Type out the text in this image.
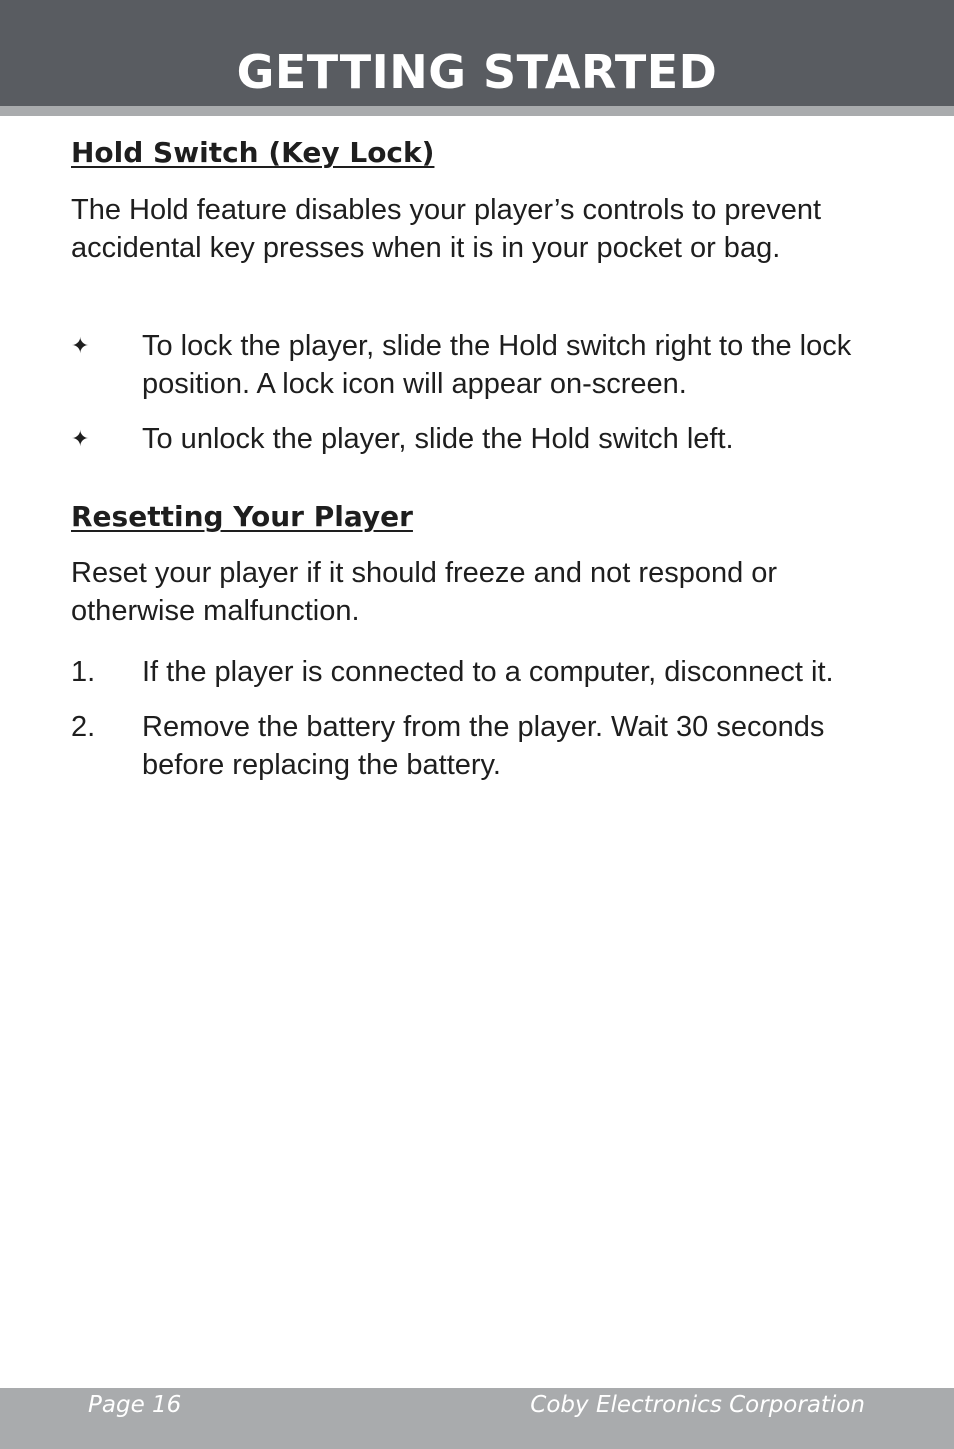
GETTING STARTED
Hold Switch (Key Lock)

The Hold feature disables your player’s controls to prevent accidental key presses when it is in your pocket or bag.

✦ To lock the player, slide the Hold switch right to the lock position. A lock icon will appear on-screen.

✦ To unlock the player, slide the Hold switch left.

Resetting Your Player

Reset your player if it should freeze and not respond or otherwise malfunction.

1. If the player is connected to a computer, disconnect it.

2. Remove the battery from the player. Wait 30 seconds before replacing the battery.

Page 16	Coby Electronics Corporation
